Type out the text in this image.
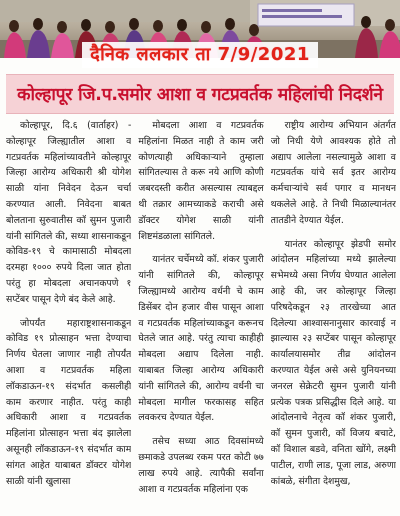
दैनिक ललकार ता 7/9/2021
कोल्हापूर जि.प.समोर आशा व गटप्रवर्तक महिलांची निदर्शने

कोल्हापूर, दि.६ (वार्ताहर) - कोल्हापूर जिल्ह्यातील आशा व गटप्रवर्तक महिलांच्यावतीने कोल्हापूर जिल्हा आरोग्य अधिकारी श्री योगेश साळी यांना निवेदन देऊन चर्चा करण्यात आली. निवेदना बाबत बोलताना सुरुवातीस कॉ सुमन पुजारी यांनी सांगितले की, सध्या शासनाकडून कोविड-१९ चे कामासाठी मोबदला दरमहा १००० रुपये दिला जात होता परंतु हा मोबदला अचानकपणे १ सप्टेंबर पासून देणे बंद केले आहे.

जोपर्यंत महाराष्ट्रशासनाकडून कोविड १९ प्रोत्साहन भत्ता देण्याचा निर्णय घेतला जाणार नाही तोपर्यंत आशा व गटप्रवर्तक महिला लॉकडाऊन-१९ संदर्भात कसलीही काम करणार नाहीत. परंतु काही अधिकारी आशा व गटप्रवर्तक महिलांना प्रोत्साहन भत्ता बंद झालेला असूनही लॉकडाऊन-१९ संदर्भात काम सांगत आहेत याबाबत डॉक्टर योगेश साळी यांनी खुलासा

मोबदला आशा व गटप्रवर्तक महिलांना मिळत नाही ते काम जरी कोणत्याही अधिकाऱ्याने तुम्हाला सांगितल्यास ते करू नये आणि कोणी जबरदस्ती करीत असल्यास त्याबद्दल थी तक्रार आमच्याकडे कराची असे डॉक्टर योगेश साळी यांनी शिष्टमंडळाला सांगितले.

यानंतर चर्चेमध्ये कॉ. शंकर पुजारी यांनी सांगितले की, कोल्हापूर जिल्ह्यामध्ये आरोग्य वर्धनी चे काम डिसेंबर दोन हजार वीस पासून आशा व गटप्रवर्तक महिलांच्याकडून करूनच घेतले जात आहे. परंतु त्याचा काहीही मोबदला अद्याप दिलेला नाही. याबाबत जिल्हा आरोग्य अधिकारी यांनी सांगितले की, आरोग्य वर्धनी चा मोबदला मागील फरकासह सहित लवकरच देण्यात येईल.

तसेच सध्या आठ दिवसांमध्ये छमाकडे उपलब्ध रकम परत कोटी ७७ लाख रुपये आहे. त्यापैकी सर्वांना आशा व गटप्रवर्तक महिलांना एक

राष्ट्रीय आरोग्य अभियान अंतर्गत जो निधी येणे आवश्यक होते तो अद्याप आलेला नसल्यामुळे आशा व गटप्रवर्तक यांचे सर्व इतर आरोग्य कर्मचाऱ्यांचे सर्व पगार व मानधन थकलेले आहे. ते निधी मिळाल्यानंतर तातडीने देण्यात येईल.

यानंतर कोल्हापूर झेडपी समोर आंदोलन महिलांच्या मध्ये झालेल्या सभेमध्ये असा निर्णय घेण्यात आलेला आहे की, जर कोल्हापूर जिल्हा परिषदेकडून २३ तारखेच्या आत दिलेल्या आश्वासनानुसार कारवाई न झाल्यास २३ सप्टेंबर पासून कोल्हापूर कार्यालयासमोर तीव्र आंदोलन करण्यात येईल असे असे युनियनच्या जनरल सेक्रेटरी सुमन पुजारी यांनी प्रत्येक पत्रक प्रसिद्धीस दिले आहे. या आंदोलनाचे नेतृत्व कॉ शंकर पुजारी, कॉ सुमन पुजारी, कॉ विजय बचाटे, कॉ विशाल बडवे, वनिता खोंगे, लक्ष्मी पाटील, राणी लाड, पूजा लाड, अरुणा कांबळे, संगीता देशमुख,
